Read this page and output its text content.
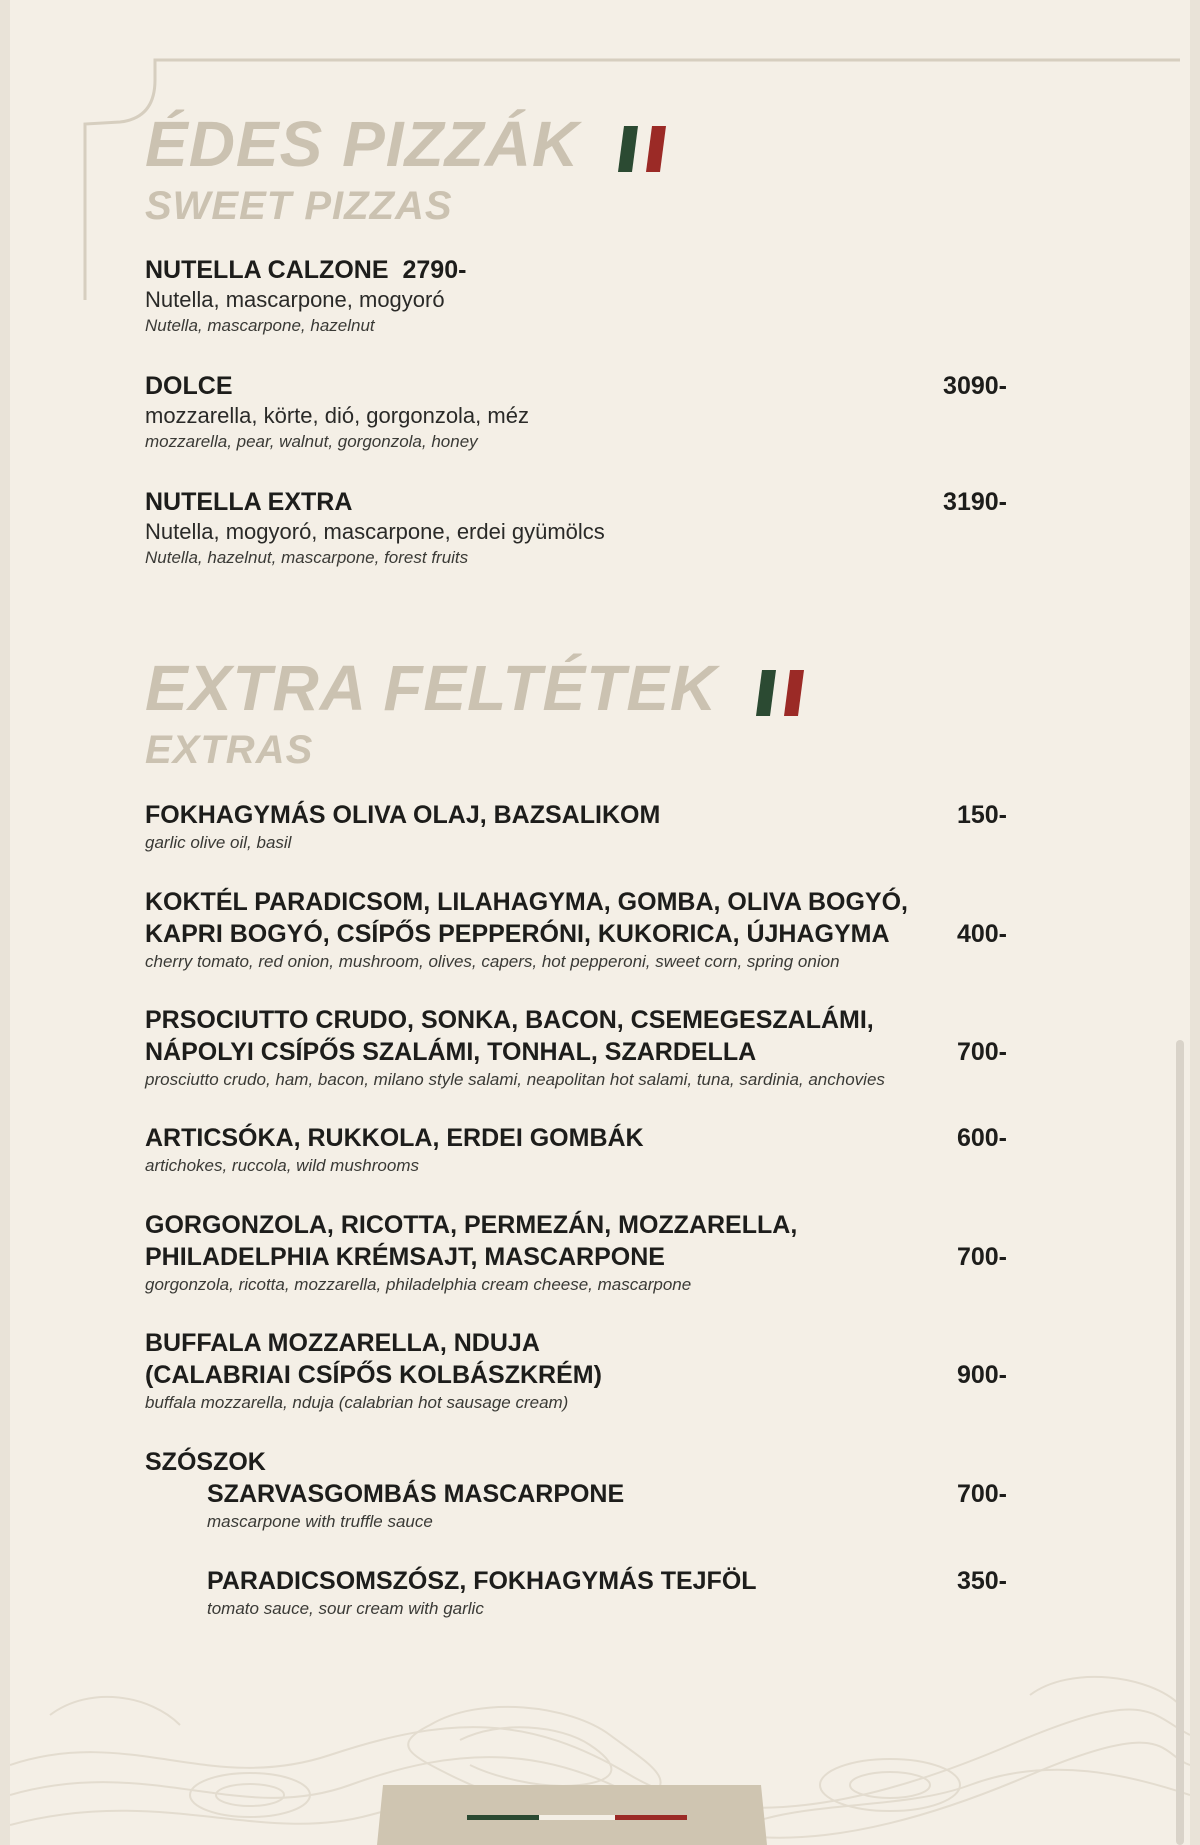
ÉDES PIZZÁK
SWEET PIZZAS
NUTELLA CALZONE 2790-
Nutella, mascarpone, mogyoró
Nutella, mascarpone, hazelnut
DOLCE	3090-
mozzarella, körte, dió, gorgonzola, méz
mozzarella, pear, walnut, gorgonzola, honey
NUTELLA EXTRA	3190-
Nutella, mogyoró, mascarpone, erdei gyümölcs
Nutella, hazelnut, mascarpone, forest fruits
EXTRA FELTÉTEK
EXTRAS
FOKHAGYMÁS OLIVA OLAJ, BAZSALIKOM	150-
garlic olive oil, basil
KOKTÉL PARADICSOM, LILAHAGYMA, GOMBA, OLIVA BOGYÓ,
KAPRI BOGYÓ, CSÍPŐS PEPPERÓNI, KUKORICA, ÚJHAGYMA	400-
cherry tomato, red onion, mushroom, olives, capers, hot pepperoni, sweet corn, spring onion
PRSOCIUTTO CRUDO, SONKA, BACON, CSEMEGESZALÁMI,
NÁPOLYI CSÍPŐS SZALÁMI, TONHAL, SZARDELLA	700-
prosciutto crudo, ham, bacon, milano style salami, neapolitan hot salami, tuna, sardinia, anchovies
ARTICSÓKA, RUKKOLA, ERDEI GOMBÁK	600-
artichokes, ruccola, wild mushrooms
GORGONZOLA, RICOTTA, PERMEZÁN, MOZZARELLA,
PHILADELPHIA KRÉMSAJT, MASCARPONE	700-
gorgonzola, ricotta, mozzarella, philadelphia cream cheese, mascarpone
BUFFALA MOZZARELLA, NDUJA
(CALABRIAI CSÍPŐS KOLBÁSZKRÉM)	900-
buffala mozzarella, nduja (calabrian hot sausage cream)
SZÓSZOK
SZARVASGOMBÁS MASCARPONE	700-
mascarpone with truffle sauce
PARADICSOMSZÓSZ, FOKHAGYMÁS TEJFÖL	350-
tomato sauce, sour cream with garlic
